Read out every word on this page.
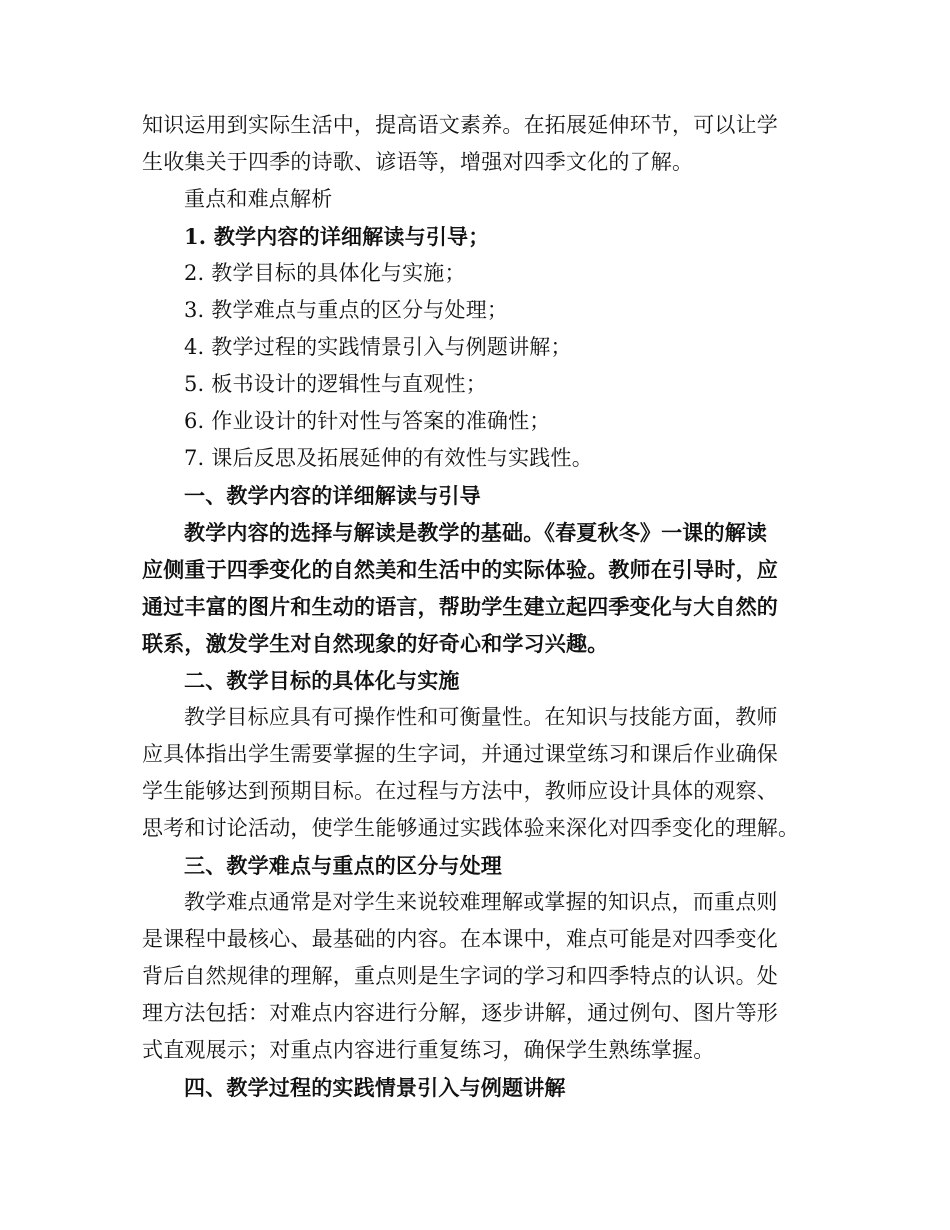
知识运用到实际生活中，提高语文素养。在拓展延伸环节，可以让学
生收集关于四季的诗歌、谚语等，增强对四季文化的了解。
重点和难点解析
1. 教学内容的详细解读与引导；
2. 教学目标的具体化与实施；
3. 教学难点与重点的区分与处理；
4. 教学过程的实践情景引入与例题讲解；
5. 板书设计的逻辑性与直观性；
6. 作业设计的针对性与答案的准确性；
7. 课后反思及拓展延伸的有效性与实践性。
一、教学内容的详细解读与引导
教学内容的选择与解读是教学的基础。《春夏秋冬》一课的解读
应侧重于四季变化的自然美和生活中的实际体验。教师在引导时，应
通过丰富的图片和生动的语言，帮助学生建立起四季变化与大自然的
联系，激发学生对自然现象的好奇心和学习兴趣。
二、教学目标的具体化与实施
教学目标应具有可操作性和可衡量性。在知识与技能方面，教师
应具体指出学生需要掌握的生字词，并通过课堂练习和课后作业确保
学生能够达到预期目标。在过程与方法中，教师应设计具体的观察、
思考和讨论活动，使学生能够通过实践体验来深化对四季变化的理解。
三、教学难点与重点的区分与处理
教学难点通常是对学生来说较难理解或掌握的知识点，而重点则
是课程中最核心、最基础的内容。在本课中，难点可能是对四季变化
背后自然规律的理解，重点则是生字词的学习和四季特点的认识。处
理方法包括：对难点内容进行分解，逐步讲解，通过例句、图片等形
式直观展示；对重点内容进行重复练习，确保学生熟练掌握。
四、教学过程的实践情景引入与例题讲解
